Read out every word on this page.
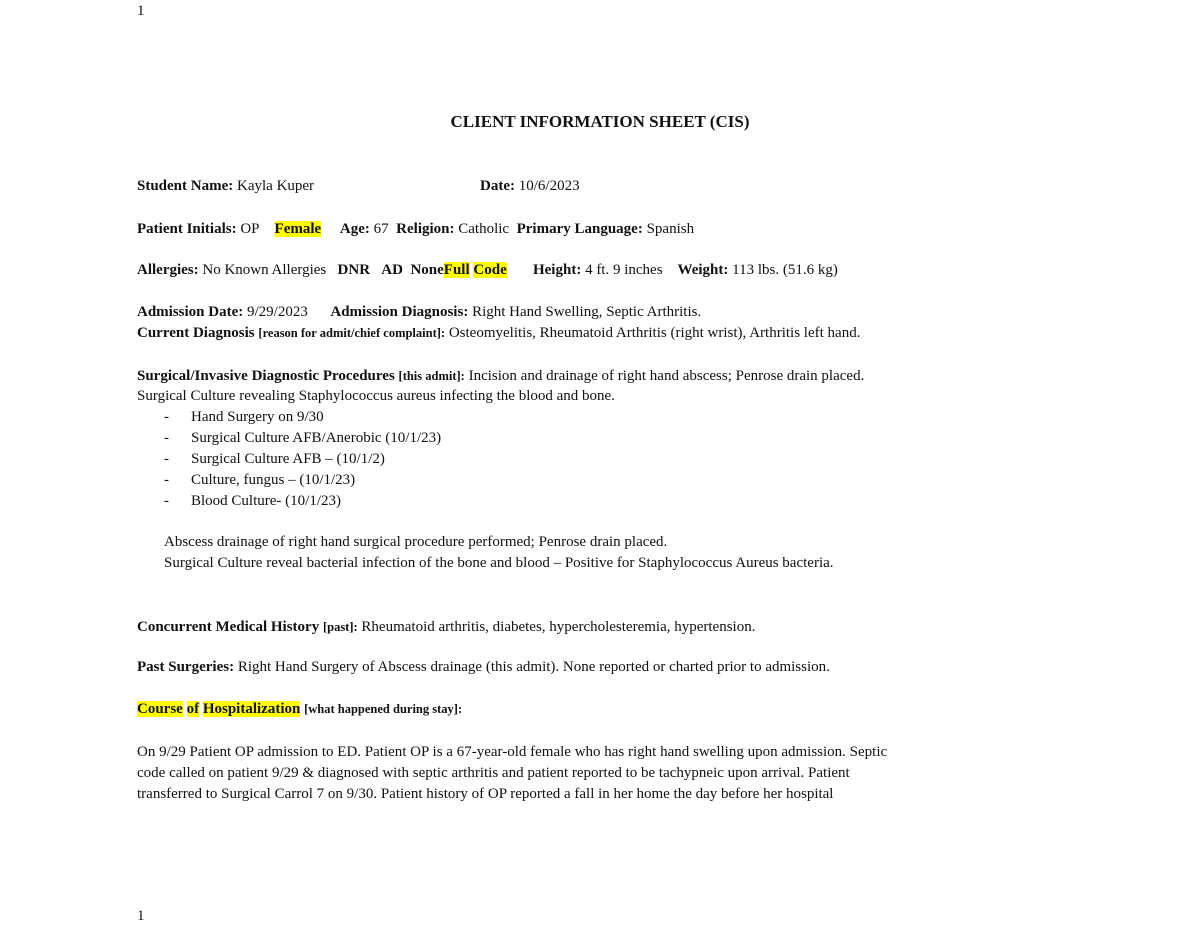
1
CLIENT INFORMATION SHEET (CIS)
Student Name: Kayla Kuper	Date: 10/6/2023
Patient Initials: OP Female Age: 67 Religion: Catholic Primary Language: Spanish
Allergies: No Known Allergies DNR AD NoneFull Code Height: 4 ft. 9 inches Weight: 113 lbs. (51.6 kg)
Admission Date: 9/29/2023 Admission Diagnosis: Right Hand Swelling, Septic Arthritis.
Current Diagnosis [reason for admit/chief complaint]: Osteomyelitis, Rheumatoid Arthritis (right wrist), Arthritis left hand.
Surgical/Invasive Diagnostic Procedures [this admit]: Incision and drainage of right hand abscess; Penrose drain placed.
Surgical Culture revealing Staphylococcus aureus infecting the blood and bone.
- Hand Surgery on 9/30
- Surgical Culture AFB/Anerobic (10/1/23)
- Surgical Culture AFB – (10/1/2)
- Culture, fungus – (10/1/23)
- Blood Culture- (10/1/23)
Abscess drainage of right hand surgical procedure performed; Penrose drain placed.
Surgical Culture reveal bacterial infection of the bone and blood – Positive for Staphylococcus Aureus bacteria.
Concurrent Medical History [past]: Rheumatoid arthritis, diabetes, hypercholesteremia, hypertension.
Past Surgeries: Right Hand Surgery of Abscess drainage (this admit). None reported or charted prior to admission.
Course of Hospitalization [what happened during stay]:
On 9/29 Patient OP admission to ED. Patient OP is a 67-year-old female who has right hand swelling upon admission. Septic
code called on patient 9/29 & diagnosed with septic arthritis and patient reported to be tachypneic upon arrival. Patient
transferred to Surgical Carrol 7 on 9/30. Patient history of OP reported a fall in her home the day before her hospital
1
